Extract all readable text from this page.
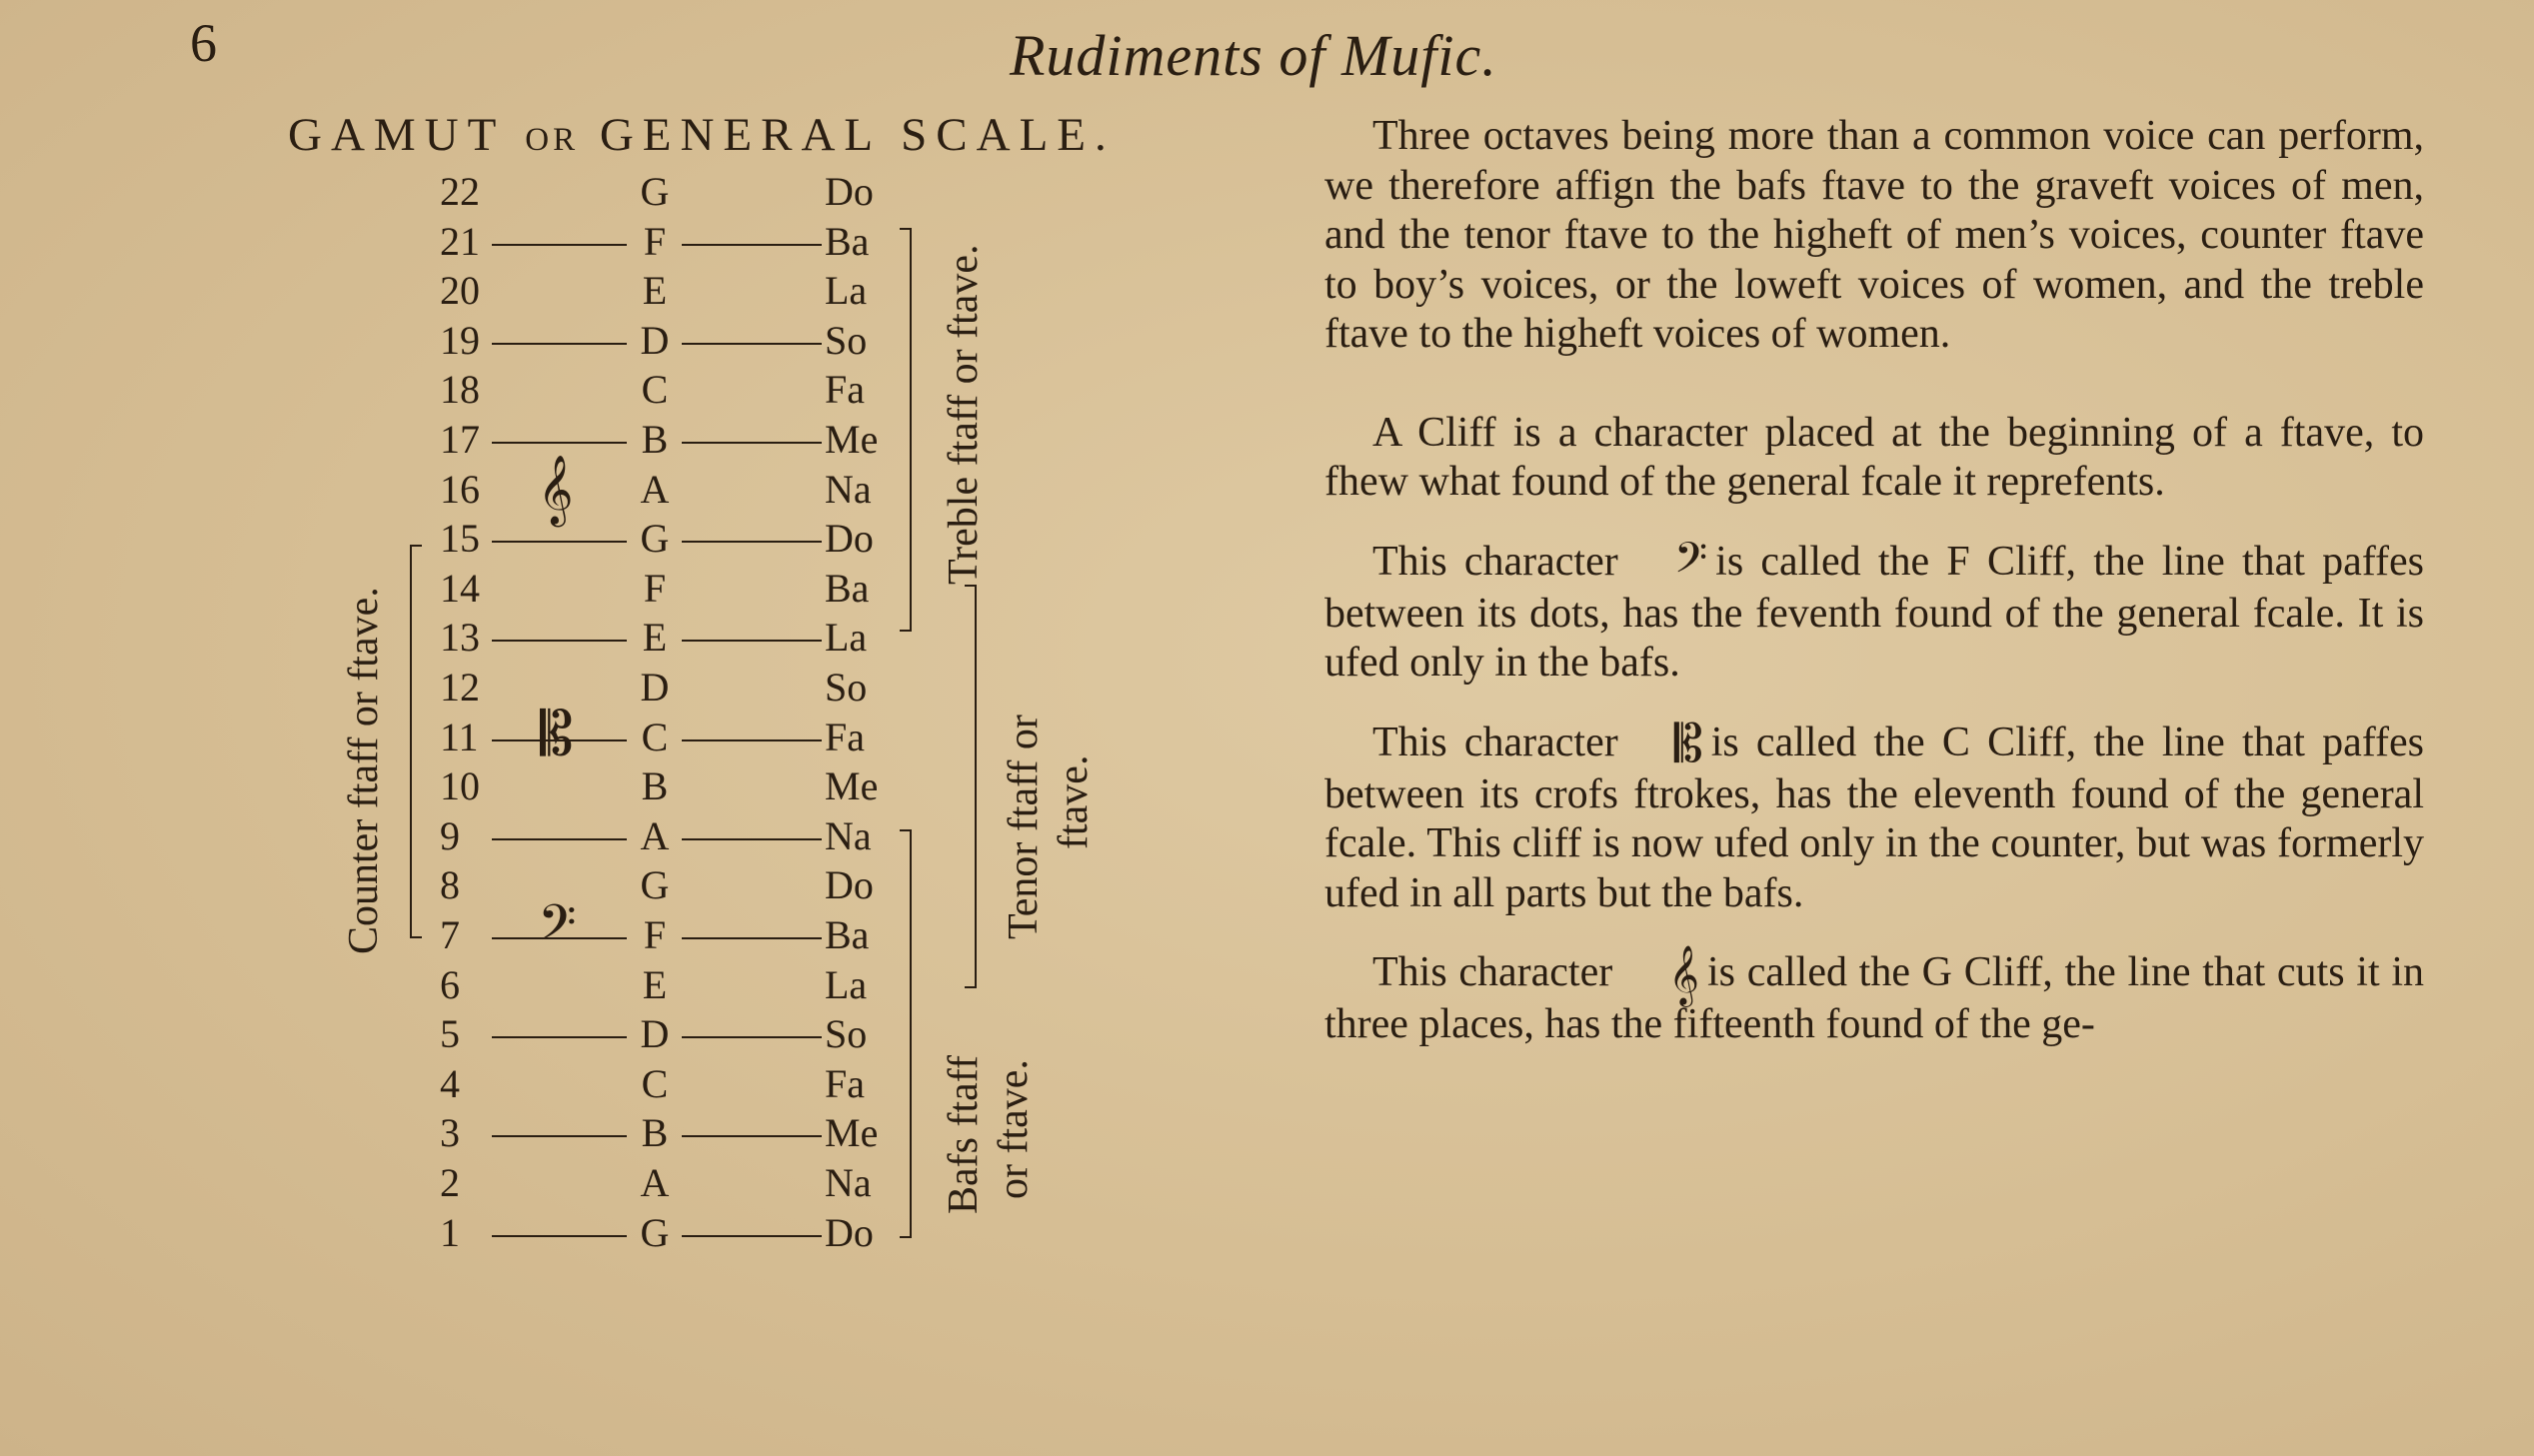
6	Rudiments of Mufic.
GAMUT OR GENERAL SCALE.
22	G	Do
21	F	Ba
20	E	La
19	D	So
18	C	Fa
17	B	Me
16	A	Na
15	G	Do
14	F	Ba
13	E	La
12	D	So
11	C	Fa
10	B	Me
9	A	Na
8	G	Do
7	F	Ba
6	E	La
5	D	So
4	C	Fa
3	B	Me
2	A	Na
1	G	Do
𝄞
𝄡
𝄢
Treble ftaff or ftave.
Tenor ftaff or ftave.
Bafs ftaff or ftave.
Counter ftaff or ftave.

Three octaves being more than a common voice can perform, we therefore affign the bafs ftave to the graveft voices of men, and the tenor ftave to the higheft of men’s voices, counter ftave to boy’s voices, or the loweft voices of women, and the treble ftave to the higheft voices of women.

A Cliff is a character placed at the beginning of a ftave, to fhew what found of the general fcale it reprefents.

This character 𝄢 is called the F Cliff, the line that paffes between its dots, has the feventh found of the general fcale. It is ufed only in the bafs.

This character 𝄡 is called the C Cliff, the line that paffes between its crofs ftrokes, has the eleventh found of the general fcale. This cliff is now ufed only in the counter, but was formerly ufed in all parts but the bafs.

This character 𝄞 is called the G Cliff, the line that cuts it in three places, has the fifteenth found of the ge-
